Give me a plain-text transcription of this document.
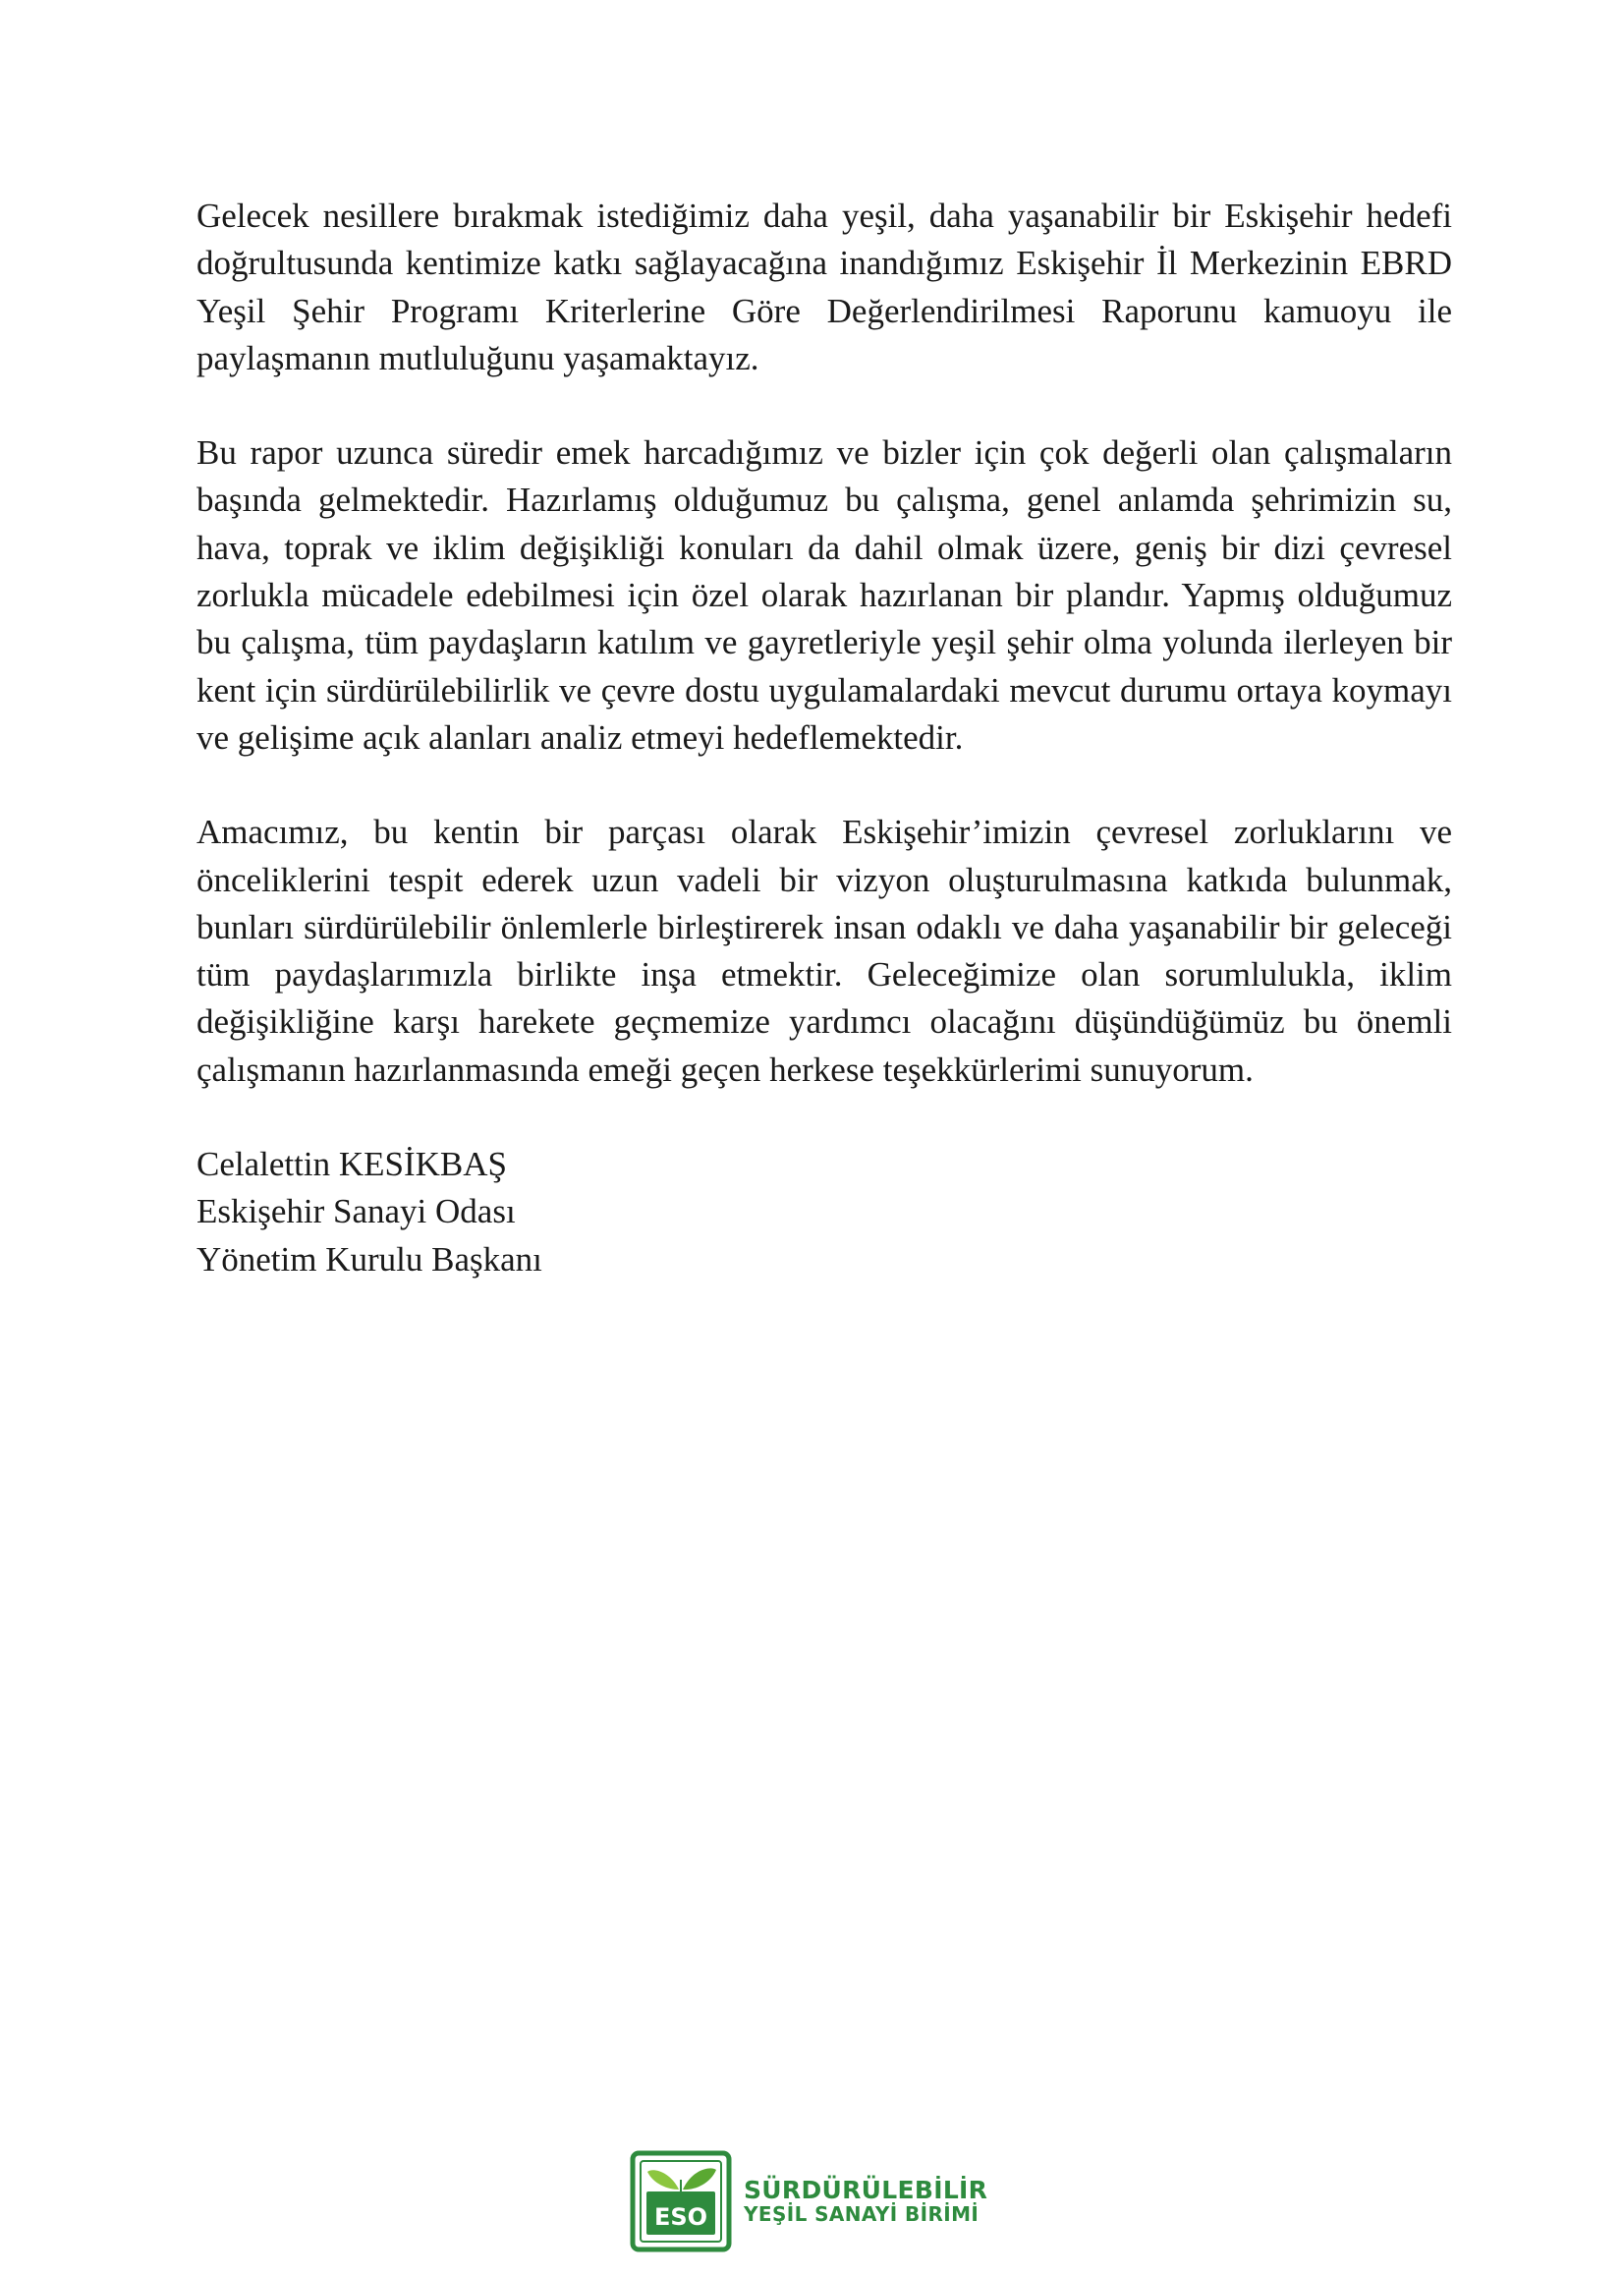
Gelecek nesillere bırakmak istediğimiz daha yeşil, daha yaşanabilir bir Eskişehir hedefi doğrultusunda kentimize katkı sağlayacağına inandığımız Eskişehir İl Merkezinin EBRD Yeşil Şehir Programı Kriterlerine Göre Değerlendirilmesi Raporunu kamuoyu ile paylaşmanın mutluluğunu yaşamaktayız.

Bu rapor uzunca süredir emek harcadığımız ve bizler için çok değerli olan çalışmaların başında gelmektedir. Hazırlamış olduğumuz bu çalışma, genel anlamda şehrimizin su, hava, toprak ve iklim değişikliği konuları da dahil olmak üzere, geniş bir dizi çevresel zorlukla mücadele edebilmesi için özel olarak hazırlanan bir plandır. Yapmış olduğumuz bu çalışma, tüm paydaşların katılım ve gayretleriyle yeşil şehir olma yolunda ilerleyen bir kent için sürdürülebilirlik ve çevre dostu uygulamalardaki mevcut durumu ortaya koymayı ve gelişime açık alanları analiz etmeyi hedeflemektedir.

Amacımız, bu kentin bir parçası olarak Eskişehir’imizin çevresel zorluklarını ve önceliklerini tespit ederek uzun vadeli bir vizyon oluşturulmasına katkıda bulunmak, bunları sürdürülebilir önlemlerle birleştirerek insan odaklı ve daha yaşanabilir bir geleceği tüm paydaşlarımızla birlikte inşa etmektir. Geleceğimize olan sorumlulukla, iklim değişikliğine karşı harekete geçmemize yardımcı olacağını düşündüğümüz bu önemli çalışmanın hazırlanmasında emeği geçen herkese teşekkürlerimi sunuyorum.

Celalettin KESİKBAŞ
Eskişehir Sanayi Odası
Yönetim Kurulu Başkanı
ESO
SÜRDÜRÜLEBİLİR
YEŞİL SANAYİ BİRİMİ
